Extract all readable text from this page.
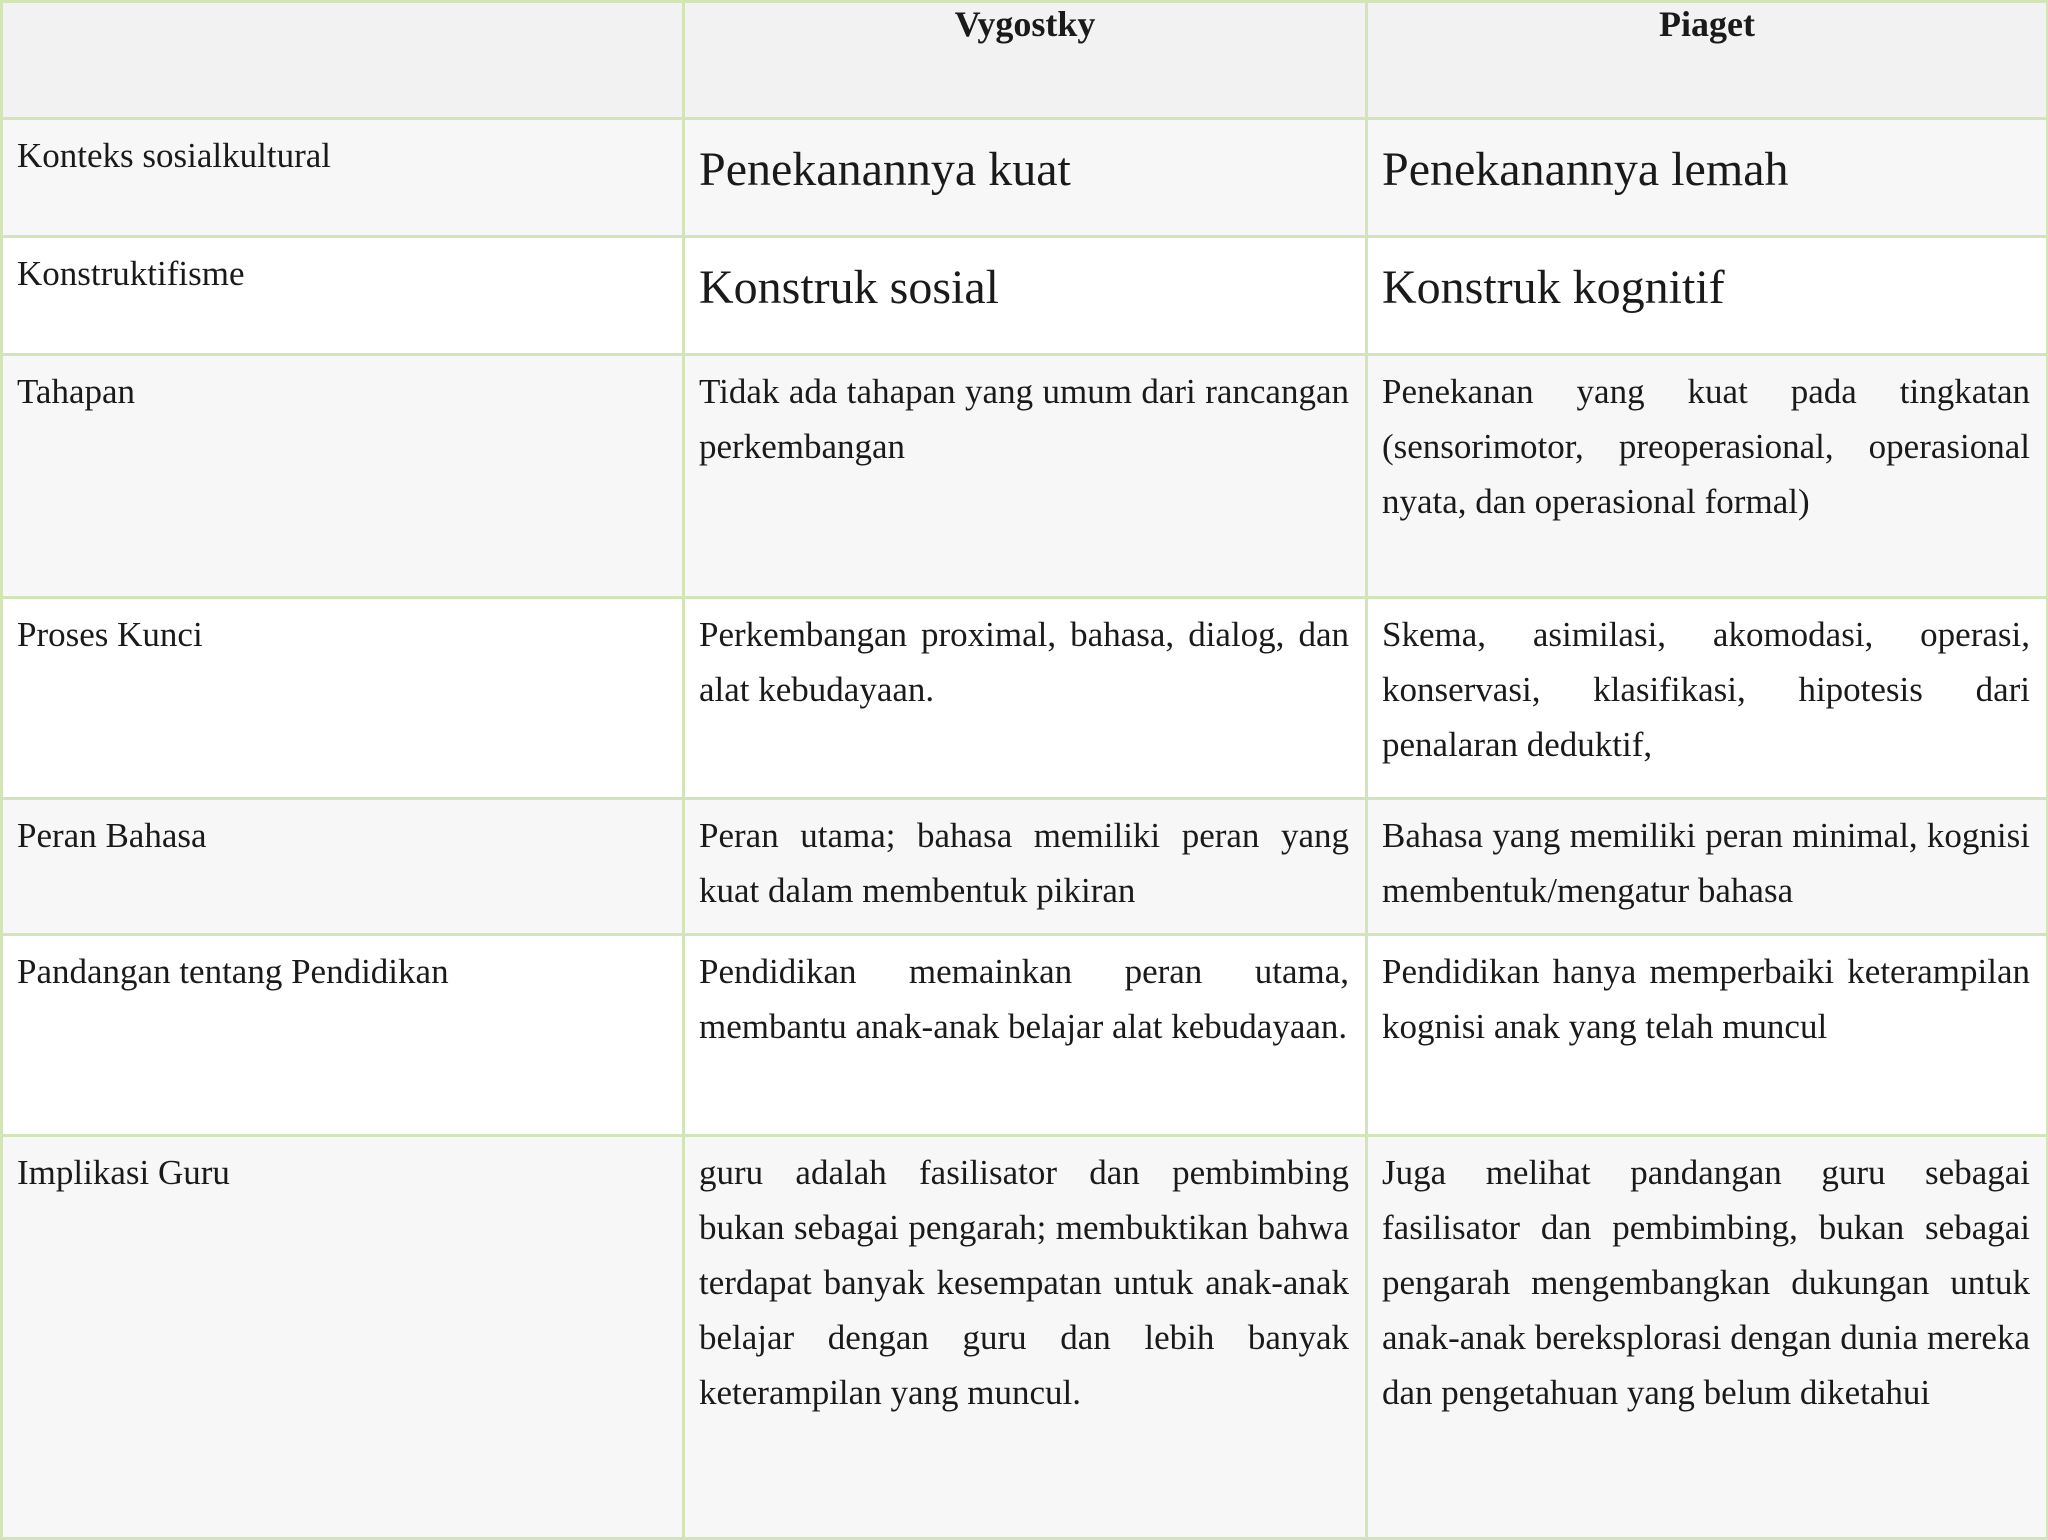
	Vygostky	Piaget

Konteks sosialkultural	Penekanannya kuat	Penekanannya lemah

Konstruktifisme	Konstruk sosial	Konstruk kognitif

Tahapan	Tidak ada tahapan yang umum dari rancangan perkembangan	Penekanan yang kuat pada tingkatan (sensorimotor, preoperasional, operasional nyata, dan operasional formal)

Proses Kunci	Perkembangan proximal, bahasa, dialog, dan alat kebudayaan.	Skema, asimilasi, akomodasi, operasi, konservasi, klasifikasi, hipotesis dari penalaran deduktif,

Peran Bahasa	Peran utama; bahasa memiliki peran yang kuat dalam membentuk pikiran	Bahasa yang memiliki peran minimal, kognisi membentuk/mengatur bahasa

Pandangan tentang Pendidikan	Pendidikan memainkan peran utama, membantu anak-anak belajar alat kebudayaan.	Pendidikan hanya memperbaiki keterampilan kognisi anak yang telah muncul

Implikasi Guru	guru adalah fasilisator dan pembimbing bukan sebagai pengarah; membuktikan bahwa terdapat banyak kesempatan untuk anak-anak belajar dengan guru dan lebih banyak keterampilan yang muncul.	Juga melihat pandangan guru sebagai fasilisator dan pembimbing, bukan sebagai pengarah mengembangkan dukungan untuk anak-anak bereksplorasi dengan dunia mereka dan pengetahuan yang belum diketahui
